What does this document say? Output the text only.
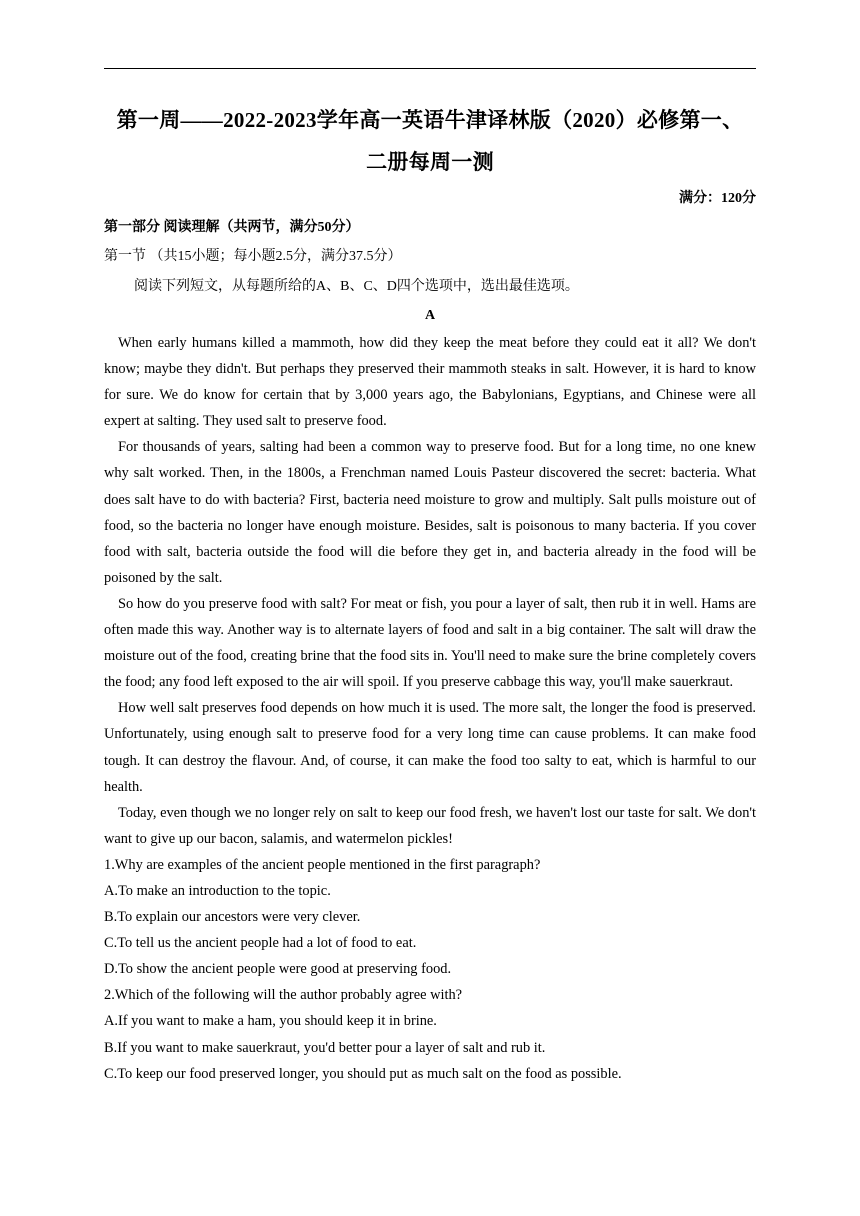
第一周——2022-2023学年高一英语牛津译林版（2020）必修第一、
二册每周一测
满分：120分
第一部分 阅读理解（共两节，满分50分）
第一节 （共15小题；每小题2.5分，满分37.5分）
阅读下列短文，从每题所给的A、B、C、D四个选项中，选出最佳选项。
A

When early humans killed a mammoth, how did they keep the meat before they could eat it all? We don't know; maybe they didn't. But perhaps they preserved their mammoth steaks in salt. However, it is hard to know for sure. We do know for certain that by 3,000 years ago, the Babylonians, Egyptians, and Chinese were all expert at salting. They used salt to preserve food.

For thousands of years, salting had been a common way to preserve food. But for a long time, no one knew why salt worked. Then, in the 1800s, a Frenchman named Louis Pasteur discovered the secret: bacteria. What does salt have to do with bacteria? First, bacteria need moisture to grow and multiply. Salt pulls moisture out of food, so the bacteria no longer have enough moisture. Besides, salt is poisonous to many bacteria. If you cover food with salt, bacteria outside the food will die before they get in, and bacteria already in the food will be poisoned by the salt.

So how do you preserve food with salt? For meat or fish, you pour a layer of salt, then rub it in well. Hams are often made this way. Another way is to alternate layers of food and salt in a big container. The salt will draw the moisture out of the food, creating brine that the food sits in. You'll need to make sure the brine completely covers the food; any food left exposed to the air will spoil. If you preserve cabbage this way, you'll make sauerkraut.

How well salt preserves food depends on how much it is used. The more salt, the longer the food is preserved. Unfortunately, using enough salt to preserve food for a very long time can cause problems. It can make food tough. It can destroy the flavour. And, of course, it can make the food too salty to eat, which is harmful to our health.

Today, even though we no longer rely on salt to keep our food fresh, we haven't lost our taste for salt. We don't want to give up our bacon, salamis, and watermelon pickles!

1.Why are examples of the ancient people mentioned in the first paragraph?

A.To make an introduction to the topic.

B.To explain our ancestors were very clever.

C.To tell us the ancient people had a lot of food to eat.

D.To show the ancient people were good at preserving food.

2.Which of the following will the author probably agree with?

A.If you want to make a ham, you should keep it in brine.

B.If you want to make sauerkraut, you'd better pour a layer of salt and rub it.

C.To keep our food preserved longer, you should put as much salt on the food as possible.
